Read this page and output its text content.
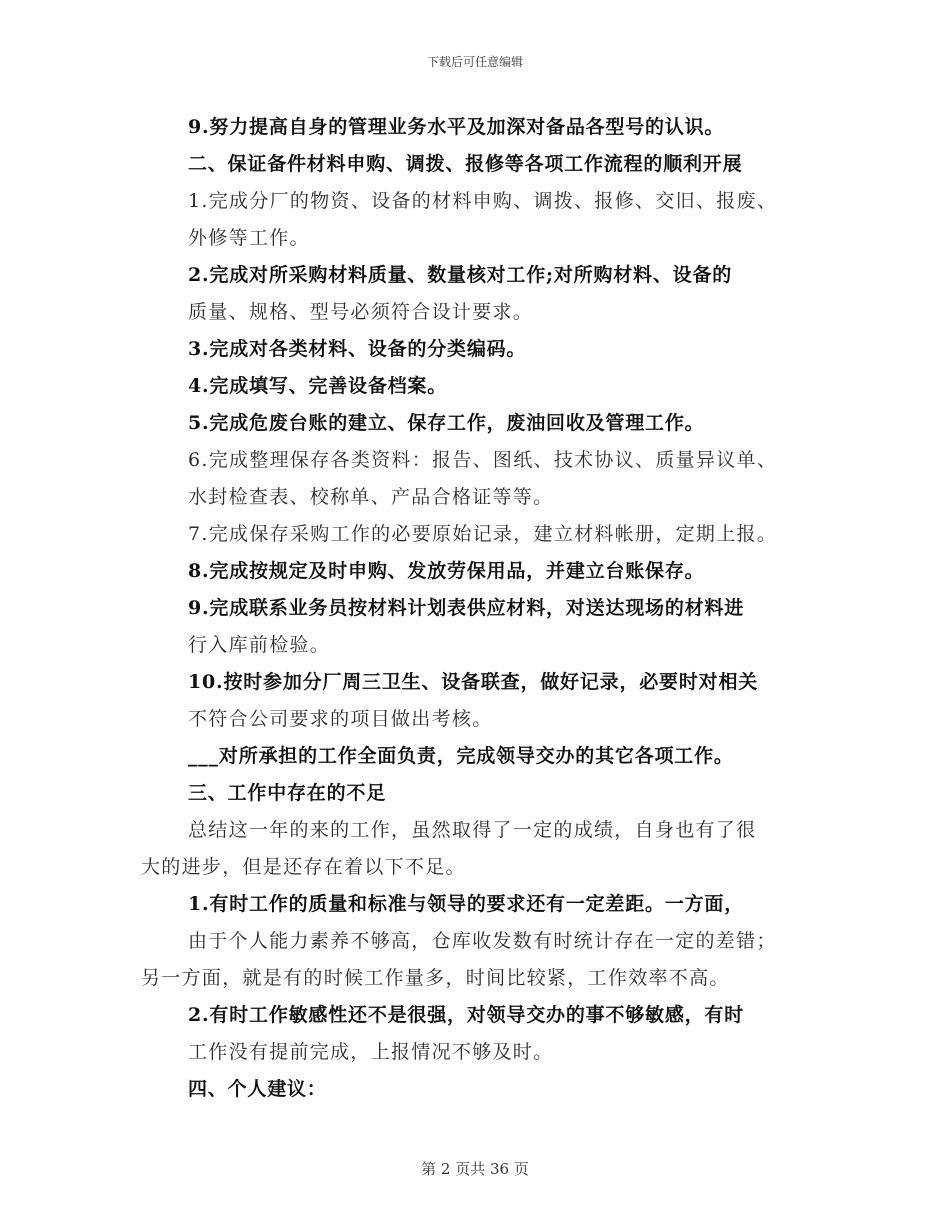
下载后可任意编辑
9.努力提高自身的管理业务水平及加深对备品各型号的认识。
二、保证备件材料申购、调拨、报修等各项工作流程的顺利开展
1.完成分厂的物资、设备的材料申购、调拨、报修、交旧、报废、
外修等工作。
2.完成对所采购材料质量、数量核对工作;对所购材料、设备的
质量、规格、型号必须符合设计要求。
3.完成对各类材料、设备的分类编码。
4.完成填写、完善设备档案。
5.完成危废台账的建立、保存工作，废油回收及管理工作。
6.完成整理保存各类资料：报告、图纸、技术协议、质量异议单、
水封检查表、校称单、产品合格证等等。
7.完成保存采购工作的必要原始记录，建立材料帐册，定期上报。
8.完成按规定及时申购、发放劳保用品，并建立台账保存。
9.完成联系业务员按材料计划表供应材料，对送达现场的材料进
行入库前检验。
10.按时参加分厂周三卫生、设备联查，做好记录，必要时对相关
不符合公司要求的项目做出考核。
___对所承担的工作全面负责，完成领导交办的其它各项工作。
三、工作中存在的不足
总结这一年的来的工作，虽然取得了一定的成绩，自身也有了很
大的进步，但是还存在着以下不足。
1.有时工作的质量和标准与领导的要求还有一定差距。一方面，
由于个人能力素养不够高，仓库收发数有时统计存在一定的差错；
另一方面，就是有的时候工作量多，时间比较紧，工作效率不高。
2.有时工作敏感性还不是很强，对领导交办的事不够敏感，有时
工作没有提前完成，上报情况不够及时。
四、个人建议：
第 2 页共 36 页
